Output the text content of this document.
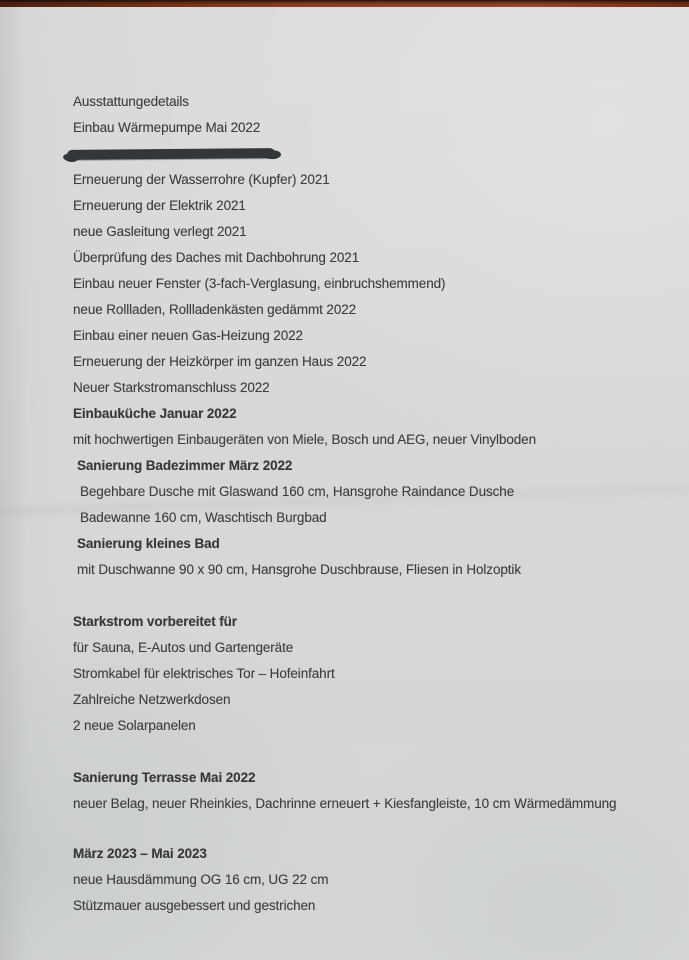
Ausstattungedetails

Einbau Wärmepumpe Mai 2022

Erneuerung der Wasserrohre (Kupfer) 2021

Erneuerung der Elektrik 2021

neue Gasleitung verlegt 2021

Überprüfung des Daches mit Dachbohrung 2021

Einbau neuer Fenster (3-fach-Verglasung, einbruchshemmend)

neue Rollladen, Rollladenkästen gedämmt 2022

Einbau einer neuen Gas-Heizung 2022

Erneuerung der Heizkörper im ganzen Haus 2022

Neuer Starkstromanschluss 2022

Einbauküche Januar 2022

mit hochwertigen Einbaugeräten von Miele, Bosch und AEG, neuer Vinylboden

Sanierung Badezimmer März 2022

Begehbare Dusche mit Glaswand 160 cm, Hansgrohe Raindance Dusche

Badewanne 160 cm, Waschtisch Burgbad

Sanierung kleines Bad

mit Duschwanne 90 x 90 cm, Hansgrohe Duschbrause, Fliesen in Holzoptik

Starkstrom vorbereitet für

für Sauna, E-Autos und Gartengeräte

Stromkabel für elektrisches Tor – Hofeinfahrt

Zahlreiche Netzwerkdosen

2 neue Solarpanelen

Sanierung Terrasse Mai 2022

neuer Belag, neuer Rheinkies, Dachrinne erneuert + Kiesfangleiste, 10 cm Wärmedämmung

März 2023 – Mai 2023

neue Hausdämmung OG 16 cm, UG 22 cm

Stützmauer ausgebessert und gestrichen
